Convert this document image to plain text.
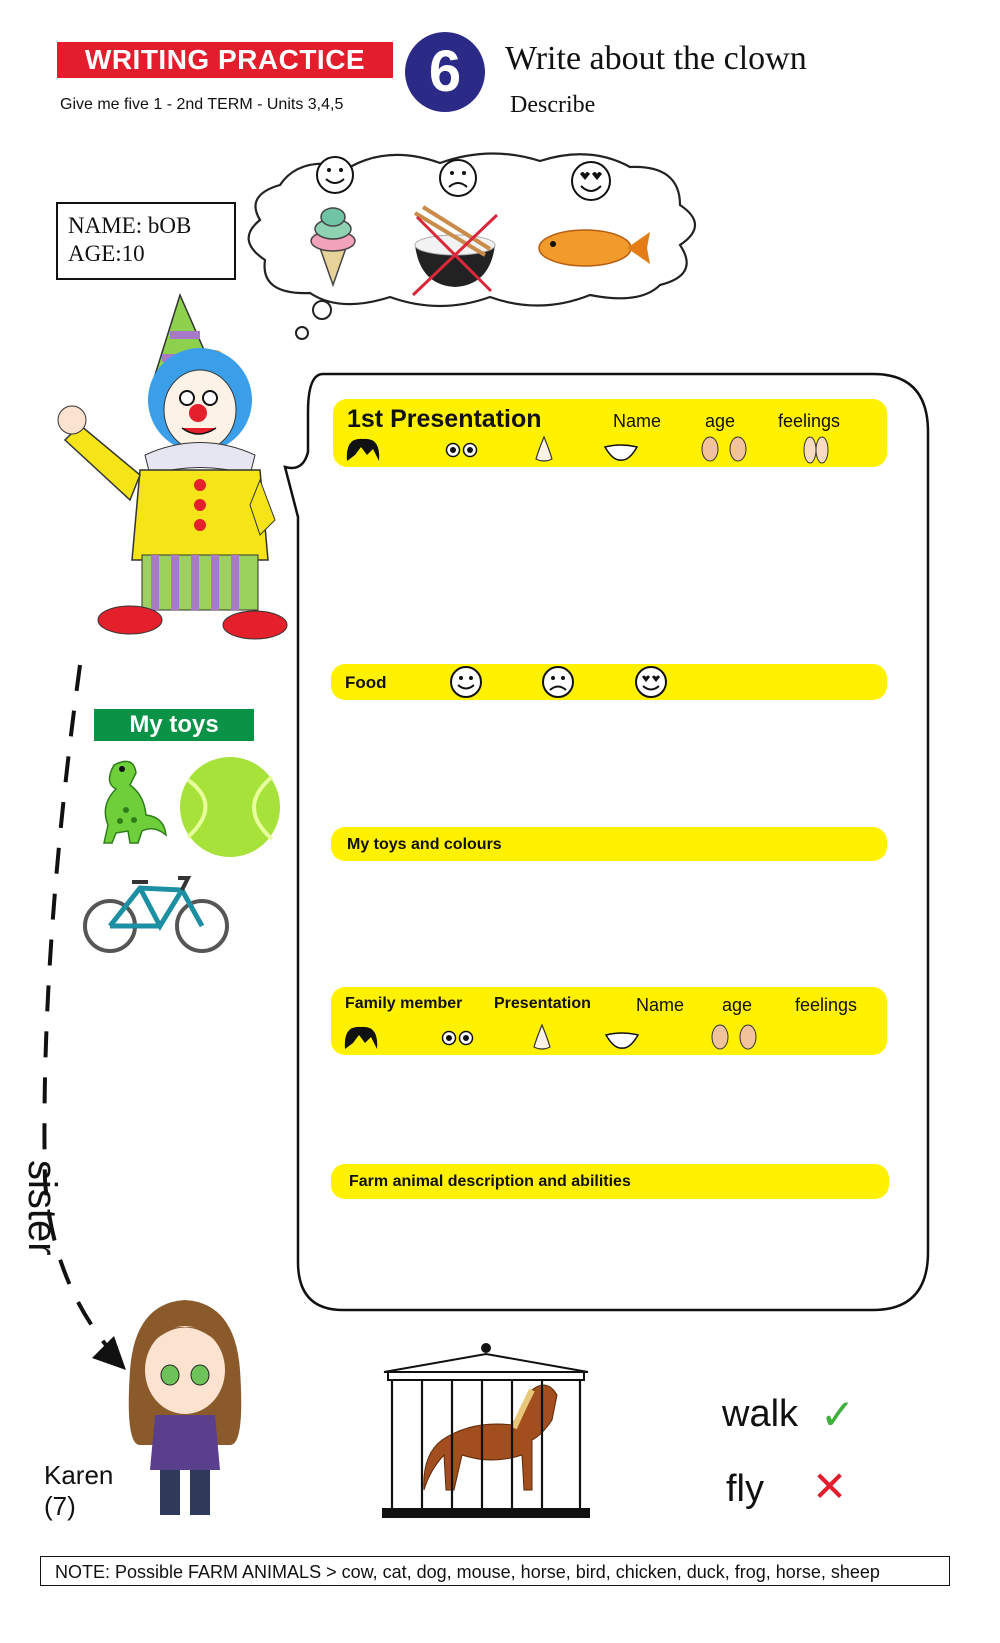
WRITING PRACTICE
Give me five 1 - 2nd TERM - Units 3,4,5
6	Write about the clown
Describe
NAME: bOB
AGE:10
1st Presentation	Name age feelings
Food
My toys and colours
Family member Presentation	Name age feelings
Farm animal description and abilities
My toys
sister
Karen
(7)
walk ✓
fly ✕
NOTE: Possible FARM ANIMALS > cow, cat, dog, mouse, horse, bird, chicken, duck, frog, horse, sheep
